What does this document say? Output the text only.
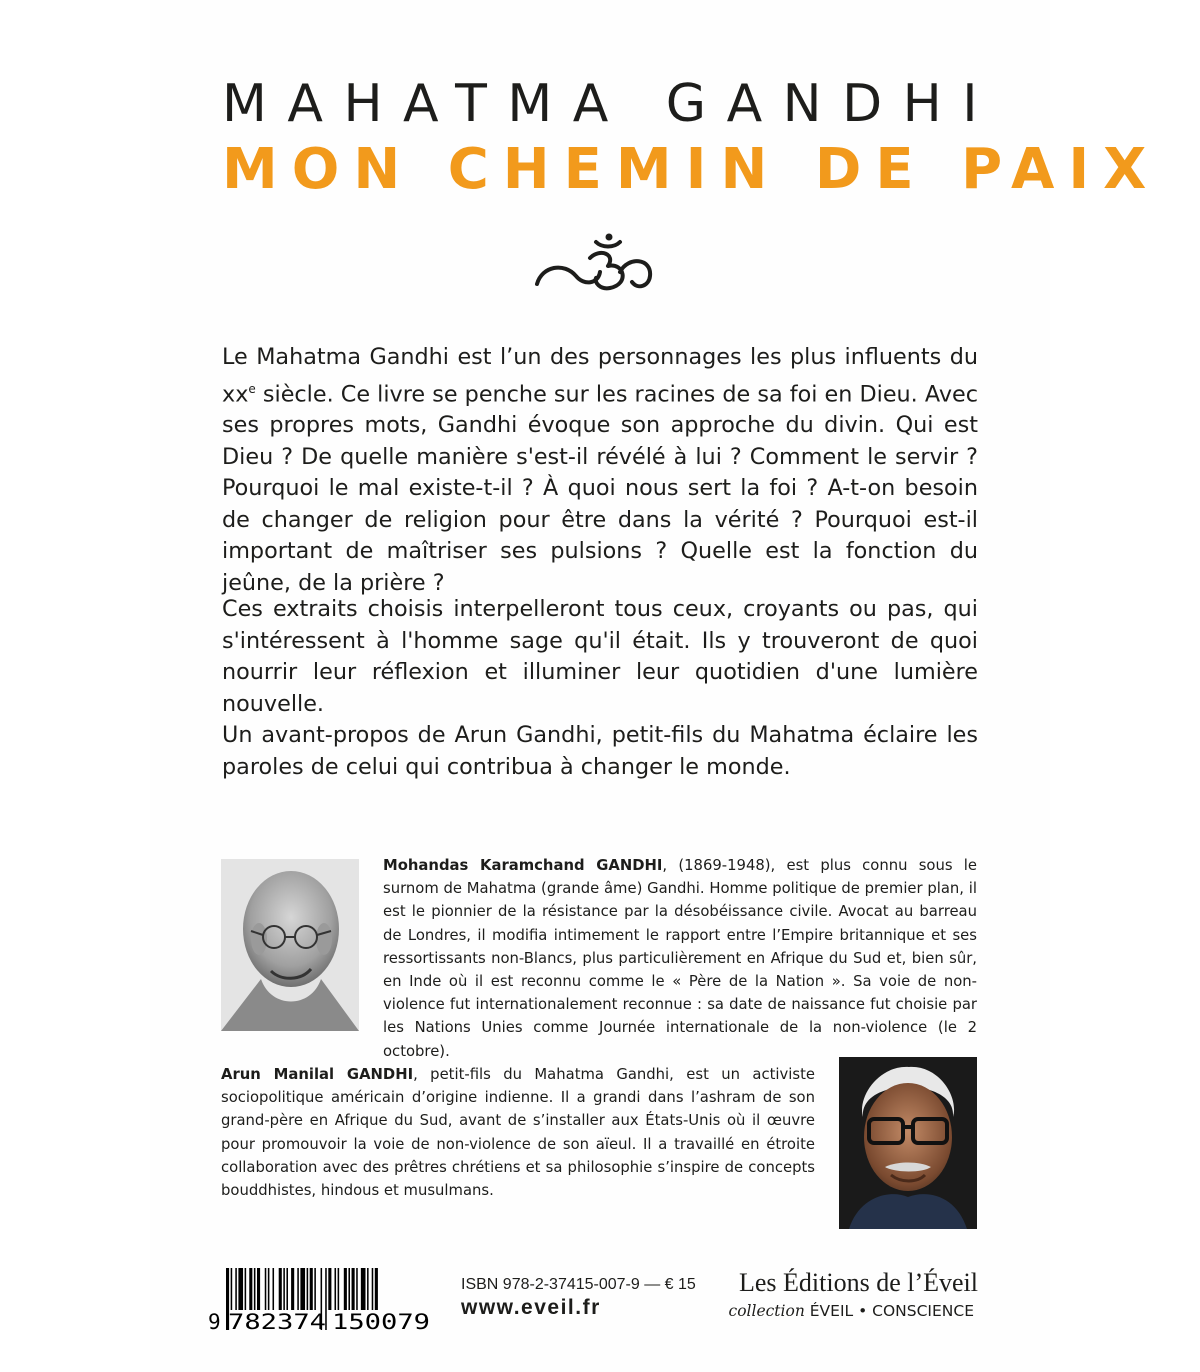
MAHATMA GANDHI
MON CHEMIN DE PAIX

Le Mahatma Gandhi est l’un des personnages les plus influents du $xx^e$ siècle. Ce livre se penche sur les racines de sa foi en Dieu. Avec ses propres mots, Gandhi évoque son approche du divin. Qui est Dieu ? De quelle manière s'est-il révélé à lui ? Comment le servir ? Pourquoi le mal existe-t-il ? À quoi nous sert la foi ? A-t-on besoin de changer de religion pour être dans la vérité ? Pourquoi est-il important de maîtriser ses pulsions ? Quelle est la fonction du jeûne, de la prière ?

Ces extraits choisis interpelleront tous ceux, croyants ou pas, qui s'intéressent à l'homme sage qu'il était. Ils y trouveront de quoi nourrir leur réflexion et illuminer leur quotidien d'une lumière nouvelle.

Un avant-propos de Arun Gandhi, petit-fils du Mahatma éclaire les paroles de celui qui contribua à changer le monde.

Mohandas Karamchand GANDHI, (1869-1948), est plus connu sous le surnom de Mahatma (grande âme) Gandhi. Homme politique de premier plan, il est le pionnier de la résistance par la désobéissance civile. Avocat au barreau de Londres, il modifia intimement le rapport entre l’Empire britannique et ses ressortissants non-Blancs, plus particulièrement en Afrique du Sud et, bien sûr, en Inde où il est reconnu comme le « Père de la Nation ». Sa voie de non-violence fut internationalement reconnue : sa date de naissance fut choisie par les Nations Unies comme Journée internationale de la non-violence (le 2 octobre).

Arun Manilal GANDHI, petit-fils du Mahatma Gandhi, est un activiste sociopolitique américain d’origine indienne. Il a grandi dans l’ashram de son grand-père en Afrique du Sud, avant de s’installer aux États-Unis où il œuvre pour promouvoir la voie de non-violence de son aïeul. Il a travaillé en étroite collaboration avec des prêtres chrétiens et sa philosophie s’inspire de concepts bouddhistes, hindous et musulmans.

9 782374 150079
ISBN 978-2-37415-007-9 — € 15
www.eveil.fr
Les Éditions de l’Éveil
collection ÉVEIL • CONSCIENCE
